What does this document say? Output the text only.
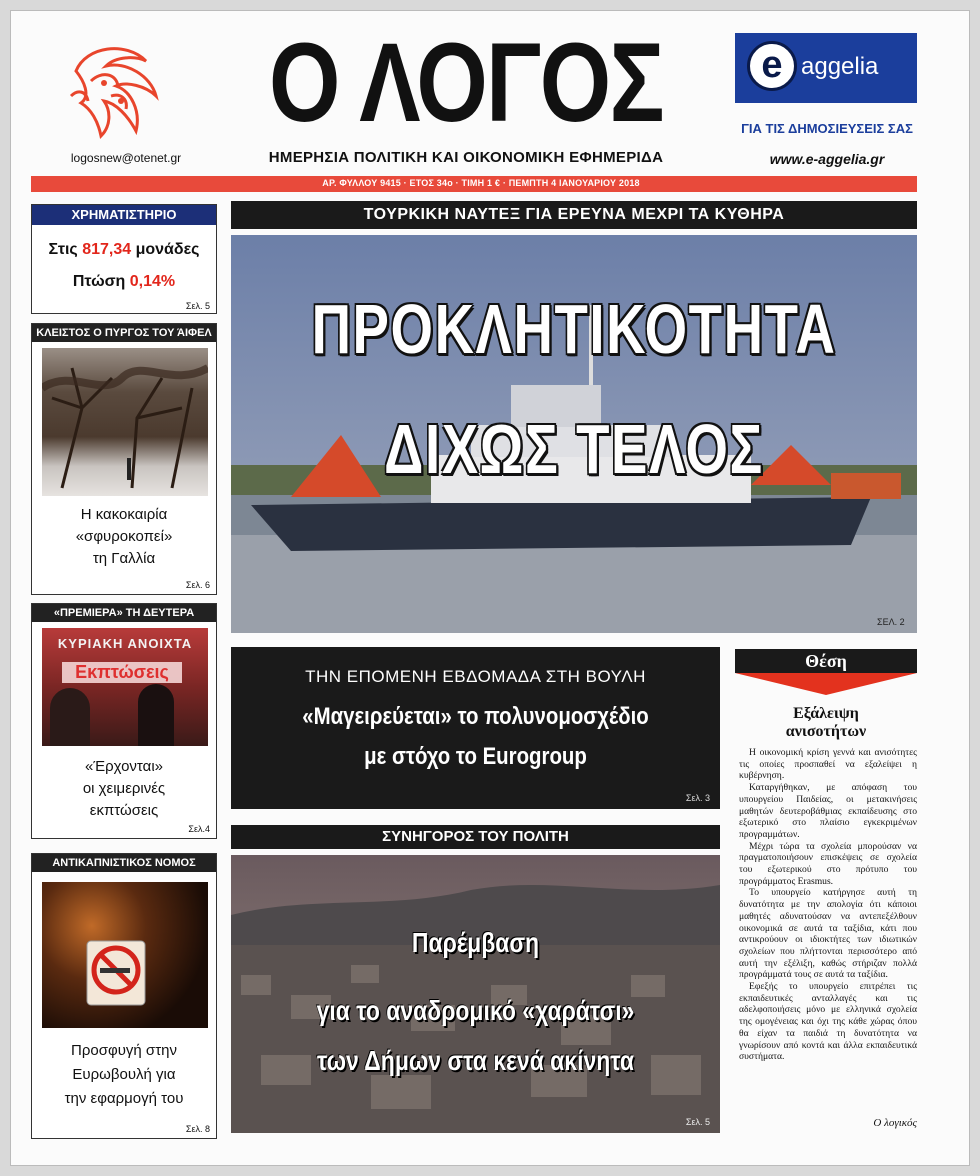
logosnew@otenet.gr
Ο ΛΟΓΟΣ
ΗΜΕΡΗΣΙΑ ΠΟΛΙΤΙΚΗ ΚΑΙ ΟΙΚΟΝΟΜΙΚΗ ΕΦΗΜΕΡΙΔΑ
e aggelia
ΓΙΑ ΤΙΣ ΔΗΜΟΣΙΕΥΣΕΙΣ ΣΑΣ
www.e-aggelia.gr
ΑΡ. ΦΥΛΛΟΥ 9415 · ΕΤΟΣ 34ο · ΤΙΜΗ 1 € · ΠΕΜΠΤΗ 4 ΙΑΝΟΥΑΡΙΟΥ 2018
ΧΡΗΜΑΤΙΣΤΗΡΙΟ
Στις 817,34 μονάδες
Πτώση 0,14%
Σελ. 5
ΚΛΕΙΣΤΟΣ Ο ΠΥΡΓΟΣ ΤΟΥ ΆΙΦΕΛ
Η κακοκαιρία
«σφυροκοπεί»
τη Γαλλία
Σελ. 6
«ΠΡΕΜΙΕΡΑ» ΤΗ ΔΕΥΤΕΡΑ
ΚΥΡΙΑΚΗ ΑΝΟΙΧΤΑ
Εκπτώσεις
«Έρχονται»
οι χειμερινές
εκπτώσεις
Σελ.4
ΑΝΤΙΚΑΠΝΙΣΤΙΚΟΣ ΝΟΜΟΣ
Προσφυγή στην
Ευρωβουλή για
την εφαρμογή του
Σελ. 8
ΤΟΥΡΚΙΚΗ ΝΑΥΤΕΞ ΓΙΑ ΕΡΕΥΝΑ ΜΕΧΡΙ ΤΑ ΚΥΘΗΡΑ
ΠΡΟΚΛΗΤΙΚΟΤΗΤΑ
ΔΙΧΩΣ ΤΕΛΟΣ
ΣΕΛ. 2
ΤΗΝ ΕΠΟΜΕΝΗ ΕΒΔΟΜΑΔΑ ΣΤΗ ΒΟΥΛΗ
«Μαγειρεύεται» το πολυνομοσχέδιο
με στόχο το Eurogroup
Σελ. 3
ΣΥΝΗΓΟΡΟΣ ΤΟΥ ΠΟΛΙΤΗ
Παρέμβαση
για το αναδρομικό «χαράτσι»
των Δήμων στα κενά ακίνητα
Σελ. 5
Θέση
Εξάλειψη
ανισοτήτων

Η οικονομική κρίση γεννά και ανισότητες τις οποίες προσπαθεί να εξαλείψει η κυβέρνηση.

Καταργήθηκαν, με απόφαση του υπουργείου Παιδείας, οι μετακινήσεις μαθητών δευτεροβάθμιας εκπαίδευσης στο εξωτερικό στο πλαίσιο εγκεκριμένων προγραμμάτων.

Μέχρι τώρα τα σχολεία μπορούσαν να πραγματοποιήσουν επισκέψεις σε σχολεία του εξωτερικού στο πρότυπο του προγράμματος Erasmus.

Το υπουργείο κατήργησε αυτή τη δυνατότητα με την απολογία ότι κάποιοι μαθητές αδυνατούσαν να αντεπεξέλθουν οικονομικά σε αυτά τα ταξίδια, κάτι που αντικρούουν οι ιδιοκτήτες των ιδιωτικών σχολείων που πλήττονται περισσότερο από αυτή την εξέλιξη, καθώς στήριζαν πολλά προγράμματά τους σε αυτά τα ταξίδια.

Εφεξής το υπουργείο επιτρέπει τις εκπαιδευτικές ανταλλαγές και τις αδελφοποιήσεις μόνο με ελληνικά σχολεία της ομογένειας και όχι της κάθε χώρας όπου θα είχαν τα παιδιά τη δυνατότητα να γνωρίσουν από κοντά και άλλα εκπαιδευτικά συστήματα.

Ο λογικός
